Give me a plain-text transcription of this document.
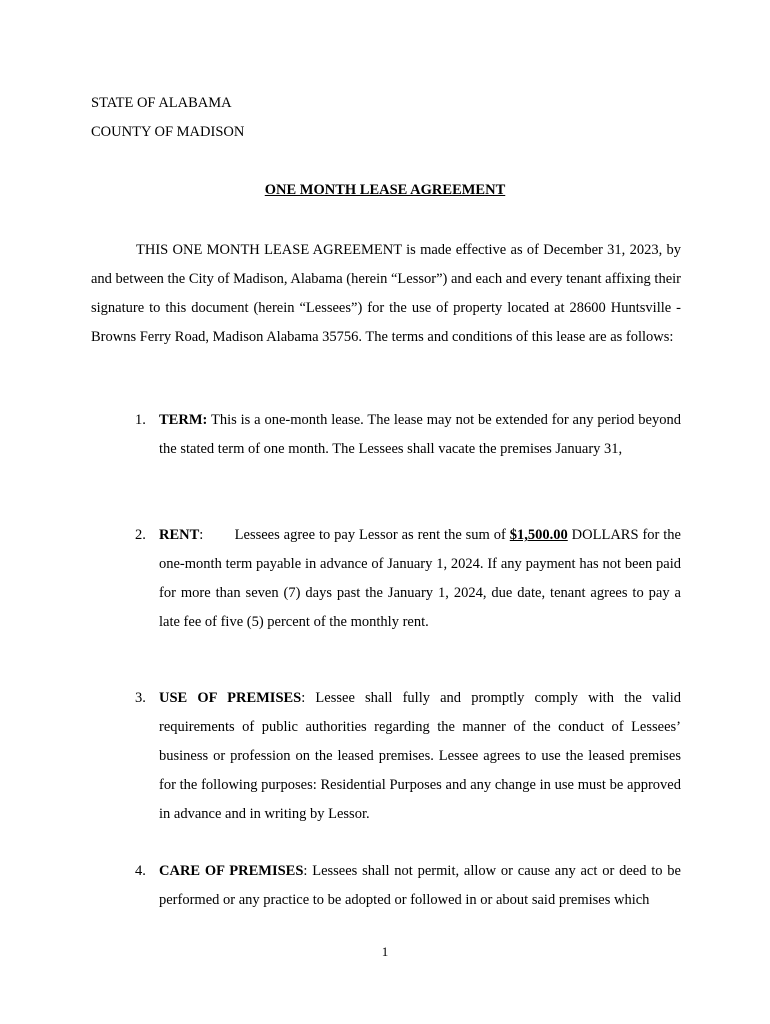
STATE OF ALABAMA
COUNTY OF MADISON
ONE MONTH LEASE AGREEMENT

THIS ONE MONTH LEASE AGREEMENT is made effective as of December 31, 2023, by and between the City of Madison, Alabama (herein “Lessor”) and each and every tenant affixing their signature to this document (herein “Lessees”) for the use of property located at 28600 Huntsville -Browns Ferry Road, Madison Alabama 35756. The terms and conditions of this lease are as follows:

1. TERM: This is a one-month lease. The lease may not be extended for any period beyond the stated term of one month. The Lessees shall vacate the premises January 31,
2. RENT:        Lessees agree to pay Lessor as rent the sum of $1,500.00 DOLLARS for the one-month term payable in advance of January 1, 2024. If any payment has not been paid for more than seven (7) days past the January 1, 2024, due date, tenant agrees to pay a late fee of five (5) percent of the monthly rent.
3. USE OF PREMISES: Lessee shall fully and promptly comply with the valid requirements of public authorities regarding the manner of the conduct of Lessees’ business or profession on the leased premises. Lessee agrees to use the leased premises for the following purposes: Residential Purposes and any change in use must be approved in advance and in writing by Lessor.
4. CARE OF PREMISES: Lessees shall not permit, allow or cause any act or deed to be performed or any practice to be adopted or followed in or about said premises which
1
